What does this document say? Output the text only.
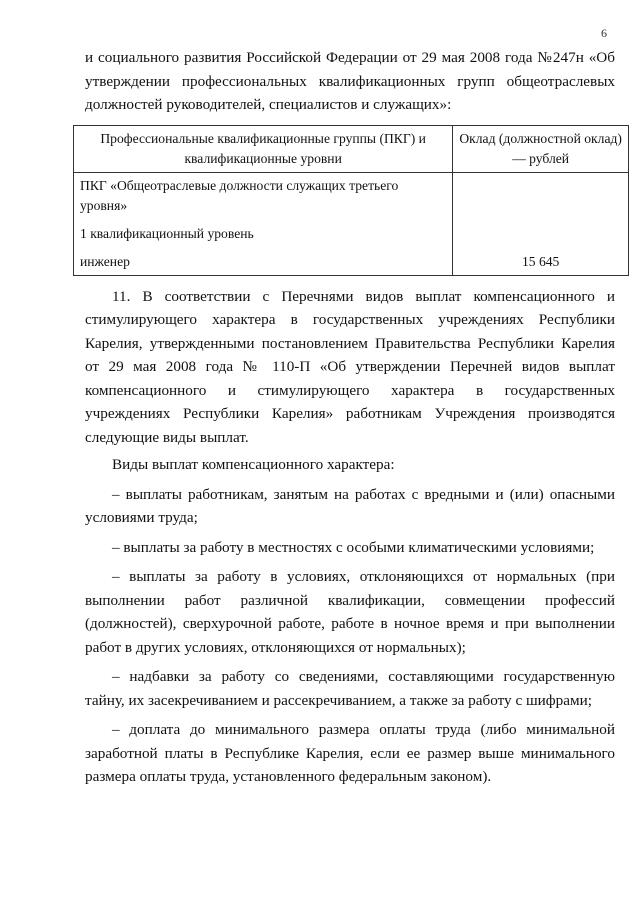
6

и социального развития Российской Федерации от 29 мая 2008 года №247н «Об утверждении профессиональных квалификационных групп общеотраслевых должностей руководителей, специалистов и служащих»:

Профессиональные квалификационные группы (ПКГ) и квалификационные уровни	Оклад (должностной оклад) — рублей

ПКГ «Общеотраслевые должности служащих третьего уровня»
1 квалификационный уровень
инженер	15 645

11. В соответствии с Перечнями видов выплат компенсационного и стимулирующего характера в государственных учреждениях Республики Карелия, утвержденными постановлением Правительства Республики Карелия от 29 мая 2008 года № 110-П «Об утверждении Перечней видов выплат компенсационного и стимулирующего характера в государственных учреждениях Республики Карелия» работникам Учреждения производятся следующие виды выплат.

Виды выплат компенсационного характера:

– выплаты работникам, занятым на работах с вредными и (или) опасными условиями труда;

– выплаты за работу в местностях с особыми климатическими условиями;

– выплаты за работу в условиях, отклоняющихся от нормальных (при выполнении работ различной квалификации, совмещении профессий (должностей), сверхурочной работе, работе в ночное время и при выполнении работ в других условиях, отклоняющихся от нормальных);

– надбавки за работу со сведениями, составляющими государственную тайну, их засекречиванием и рассекречиванием, а также за работу с шифрами;

– доплата до минимального размера оплаты труда (либо минимальной заработной платы в Республике Карелия, если ее размер выше минимального размера оплаты труда, установленного федеральным законом).
